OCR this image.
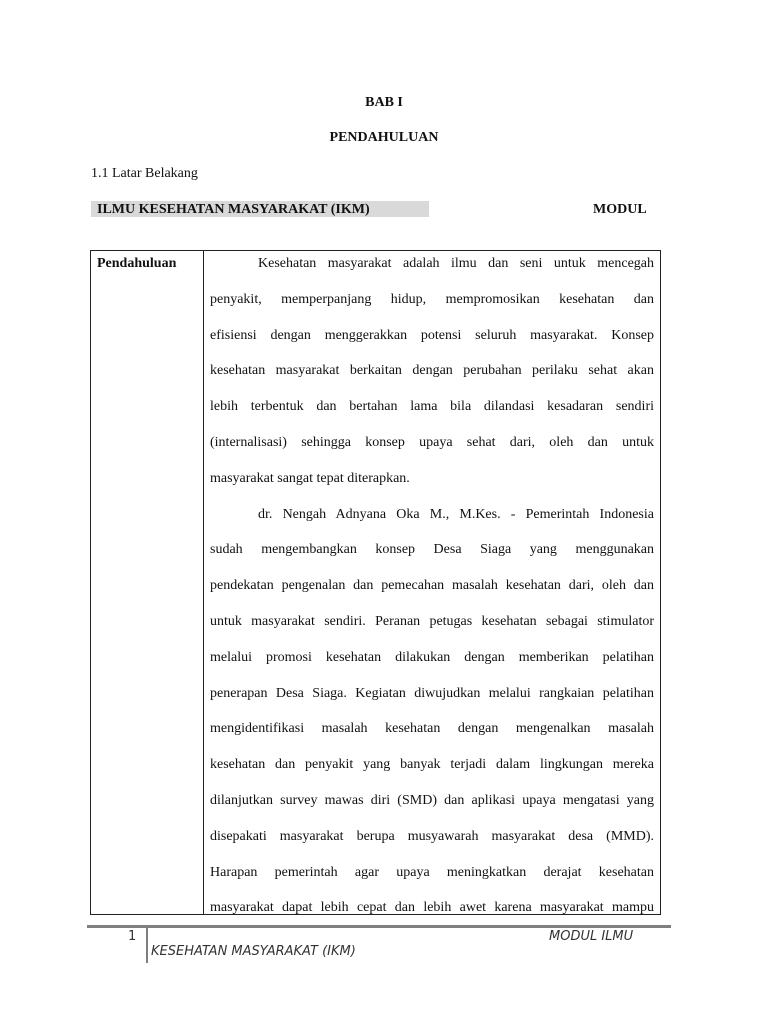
BAB I
PENDAHULUAN
1.1 Latar Belakang
ILMU KESEHATAN MASYARAKAT (IKM)	MODUL
Pendahuluan	Kesehatan masyarakat adalah ilmu dan seni untuk mencegah
penyakit, memperpanjang hidup, mempromosikan kesehatan dan
efisiensi dengan menggerakkan potensi seluruh masyarakat. Konsep
kesehatan masyarakat berkaitan dengan perubahan perilaku sehat akan
lebih terbentuk dan bertahan lama bila dilandasi kesadaran sendiri
(internalisasi) sehingga konsep upaya sehat dari, oleh dan untuk
masyarakat sangat tepat diterapkan.
dr. Nengah Adnyana Oka M., M.Kes. - Pemerintah Indonesia
sudah mengembangkan konsep Desa Siaga yang menggunakan
pendekatan pengenalan dan pemecahan masalah kesehatan dari, oleh dan
untuk masyarakat sendiri. Peranan petugas kesehatan sebagai stimulator
melalui promosi kesehatan dilakukan dengan memberikan pelatihan
penerapan Desa Siaga. Kegiatan diwujudkan melalui rangkaian pelatihan
mengidentifikasi masalah kesehatan dengan mengenalkan masalah
kesehatan dan penyakit yang banyak terjadi dalam lingkungan mereka
dilanjutkan survey mawas diri (SMD) dan aplikasi upaya mengatasi yang
disepakati masyarakat berupa musyawarah masyarakat desa (MMD).
Harapan pemerintah agar upaya meningkatkan derajat kesehatan
masyarakat dapat lebih cepat dan lebih awet karena masyarakat mampu
1	MODUL ILMU
KESEHATAN MASYARAKAT (IKM)
